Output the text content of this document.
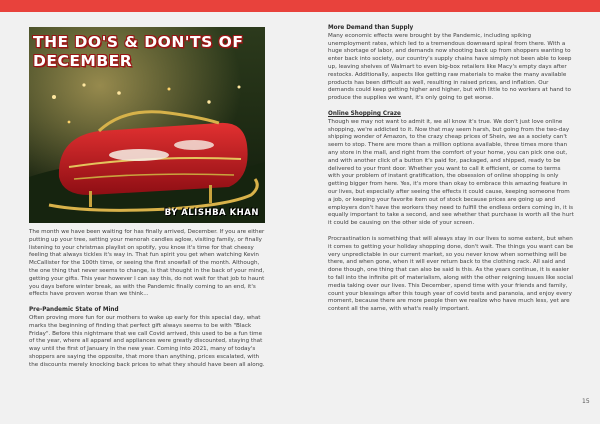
THE DO'S & DON'TS OF DECEMBER
BY ALISHBA KHAN

The month we have been waiting for has finally arrived, December. If you are either putting up your tree, setting your menorah candles aglow, visiting family, or finally listening to your christmas playlist on spotify, you know it's time for that cheesy feeling that always tickles it's way in. That fun spirit you get when watching Kevin McCallister for the 100th time, or seeing the first snowfall of the month. Although, the one thing that never seems to change, is that thought in the back of your mind, getting your gifts. This year however I can say this, do not wait for that job to haunt you days before winter break, as with the Pandemic finally coming to an end, it's effects have proven worse than we think...

Pre-Pandemic State of Mind

Often proving more fun for our mothers to wake up early for this special day, what marks the beginning of finding that perfect gift always seems to be with "Black Friday". Before this nightmare that we call Covid arrived, this used to be a fun time of the year, where all apparel and appliances were greatly discounted, staying that way until the first of January in the new year. Coming into 2021, many of today's shoppers are saying the opposite, that more than anything, prices escalated, with the discounts merely knocking back prices to what they should have been all along.

More Demand than Supply

Many economic effects were brought by the Pandemic, including spiking unemployment rates, which led to a tremendous downward spiral from there. With a huge shortage of labor, and demands now shooting back up from shoppers wanting to enter back into society, our country's supply chains have simply not been able to keep up, leaving shelves of Walmart to even big-box retailers like Macy's empty days after restocks. Additionally, aspects like getting raw materials to make the many available products has been difficult as well, resulting in raised prices, and inflation. Our demands could keep getting higher and higher, but with little to no workers at hand to produce the supplies we want, it's only going to get worse.

Online Shopping Craze

Though we may not want to admit it, we all know it's true. We don't just love online shopping, we're addicted to it. Now that may seem harsh, but going from the two-day shipping wonder of Amazon, to the crazy cheap prices of Shein, we as a society can't seem to stop. There are more than a million options available, three times more than any store in the mall, and right from the comfort of your home, you can pick one out, and with another click of a button it's paid for, packaged, and shipped, ready to be delivered to your front door. Whether you want to call it efficient, or come to terms with your problem of instant gratification, the obsession of online shopping is only getting bigger from here. Yes, it's more than okay to embrace this amazing feature in our lives, but especially after seeing the effects it could cause, keeping someone from a job, or keeping your favorite item out of stock because prices are going up and employers don't have the workers they need to fulfill the endless orders coming in, it is equally important to take a second, and see whether that purchase is worth all the hurt it could be causing on the other side of your screen.

Procrastination is something that will always stay in our lives to some extent, but when it comes to getting your holiday shopping done, don't wait. The things you want can be very unpredictable in our current market, so you never know when something will be there, and when gone, when it will ever return back to the clothing rack. All said and done though, one thing that can also be said is this. As the years continue, it is easier to fall into the infinite pit of materialism, along with the other reigning issues like social media taking over our lives. This December, spend time with your friends and family, count your blessings after this tough year of covid tests and paranoia, and enjoy every moment, because there are more people then we realize who have much less, yet are content all the same, with what's really important.

15
